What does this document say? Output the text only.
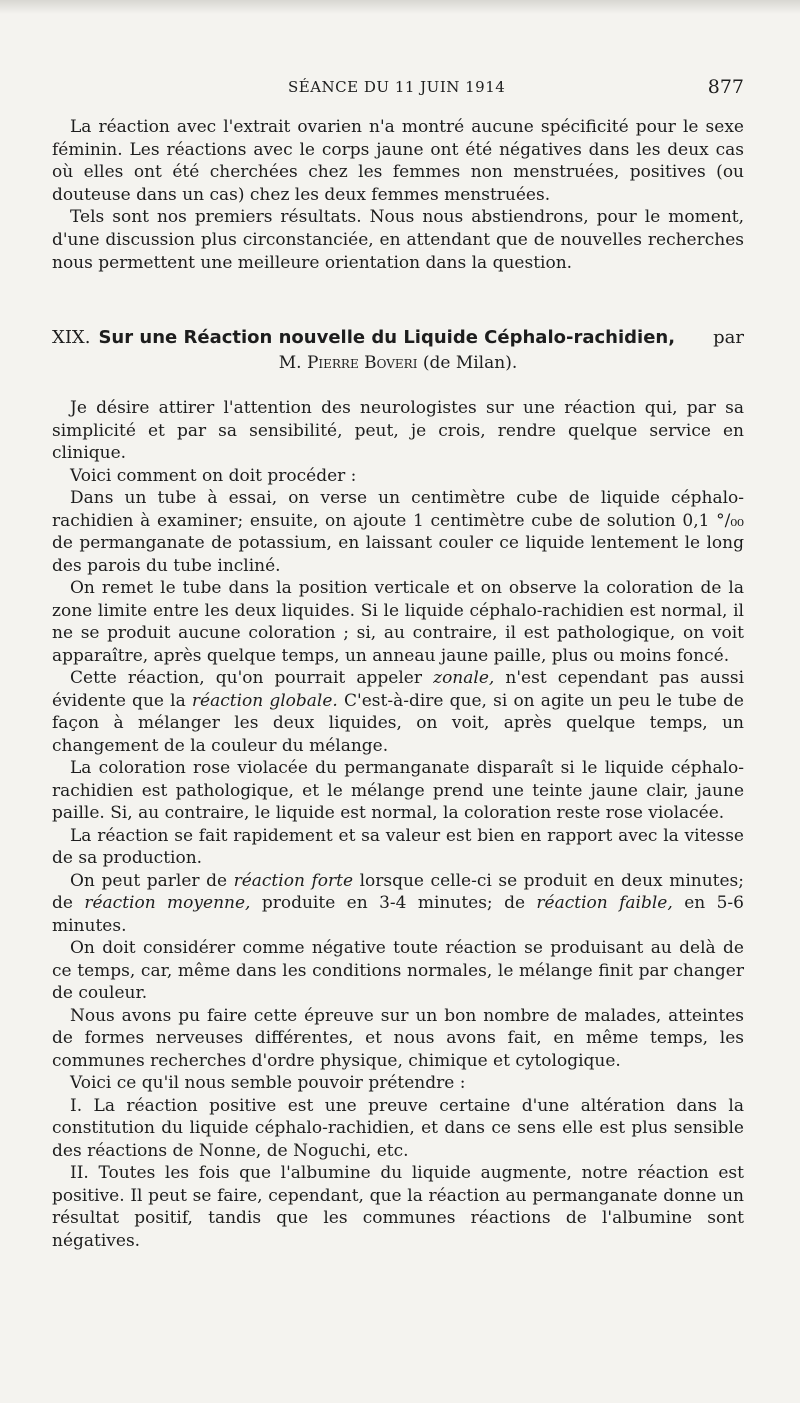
SÉANCE DU 11 JUIN 1914	877

La réaction avec l'extrait ovarien n'a montré aucune spécificité pour le sexe féminin. Les réactions avec le corps jaune ont été négatives dans les deux cas où elles ont été cherchées chez les femmes non menstruées, positives (ou douteuse dans un cas) chez les deux femmes menstruées.

Tels sont nos premiers résultats. Nous nous abstiendrons, pour le moment, d'une discussion plus circonstanciée, en attendant que de nouvelles recherches nous permettent une meilleure orientation dans la question.

XIX. Sur une Réaction nouvelle du Liquide Céphalo-rachidien,	par
M. Pierre Boveri (de Milan).

Je désire attirer l'attention des neurologistes sur une réaction qui, par sa simplicité et par sa sensibilité, peut, je crois, rendre quelque service en clinique.

Voici comment on doit procéder :

Dans un tube à essai, on verse un centimètre cube de liquide céphalo-rachidien à examiner; ensuite, on ajoute 1 centimètre cube de solution 0,1 °/₀₀ de permanganate de potassium, en laissant couler ce liquide lentement le long des parois du tube incliné.

On remet le tube dans la position verticale et on observe la coloration de la zone limite entre les deux liquides. Si le liquide céphalo-rachidien est normal, il ne se produit aucune coloration ; si, au contraire, il est pathologique, on voit apparaître, après quelque temps, un anneau jaune paille, plus ou moins foncé.

Cette réaction, qu'on pourrait appeler zonale, n'est cependant pas aussi évidente que la réaction globale. C'est-à-dire que, si on agite un peu le tube de façon à mélanger les deux liquides, on voit, après quelque temps, un changement de la couleur du mélange.

La coloration rose violacée du permanganate disparaît si le liquide céphalo-rachidien est pathologique, et le mélange prend une teinte jaune clair, jaune paille. Si, au contraire, le liquide est normal, la coloration reste rose violacée.

La réaction se fait rapidement et sa valeur est bien en rapport avec la vitesse de sa production.

On peut parler de réaction forte lorsque celle-ci se produit en deux minutes; de réaction moyenne, produite en 3-4 minutes; de réaction faible, en 5-6 minutes.

On doit considérer comme négative toute réaction se produisant au delà de ce temps, car, même dans les conditions normales, le mélange finit par changer de couleur.

Nous avons pu faire cette épreuve sur un bon nombre de malades, atteintes de formes nerveuses différentes, et nous avons fait, en même temps, les communes recherches d'ordre physique, chimique et cytologique.

Voici ce qu'il nous semble pouvoir prétendre :

I. La réaction positive est une preuve certaine d'une altération dans la constitution du liquide céphalo-rachidien, et dans ce sens elle est plus sensible des réactions de Nonne, de Noguchi, etc.

II. Toutes les fois que l'albumine du liquide augmente, notre réaction est positive. Il peut se faire, cependant, que la réaction au permanganate donne un résultat positif, tandis que les communes réactions de l'albumine sont négatives.
